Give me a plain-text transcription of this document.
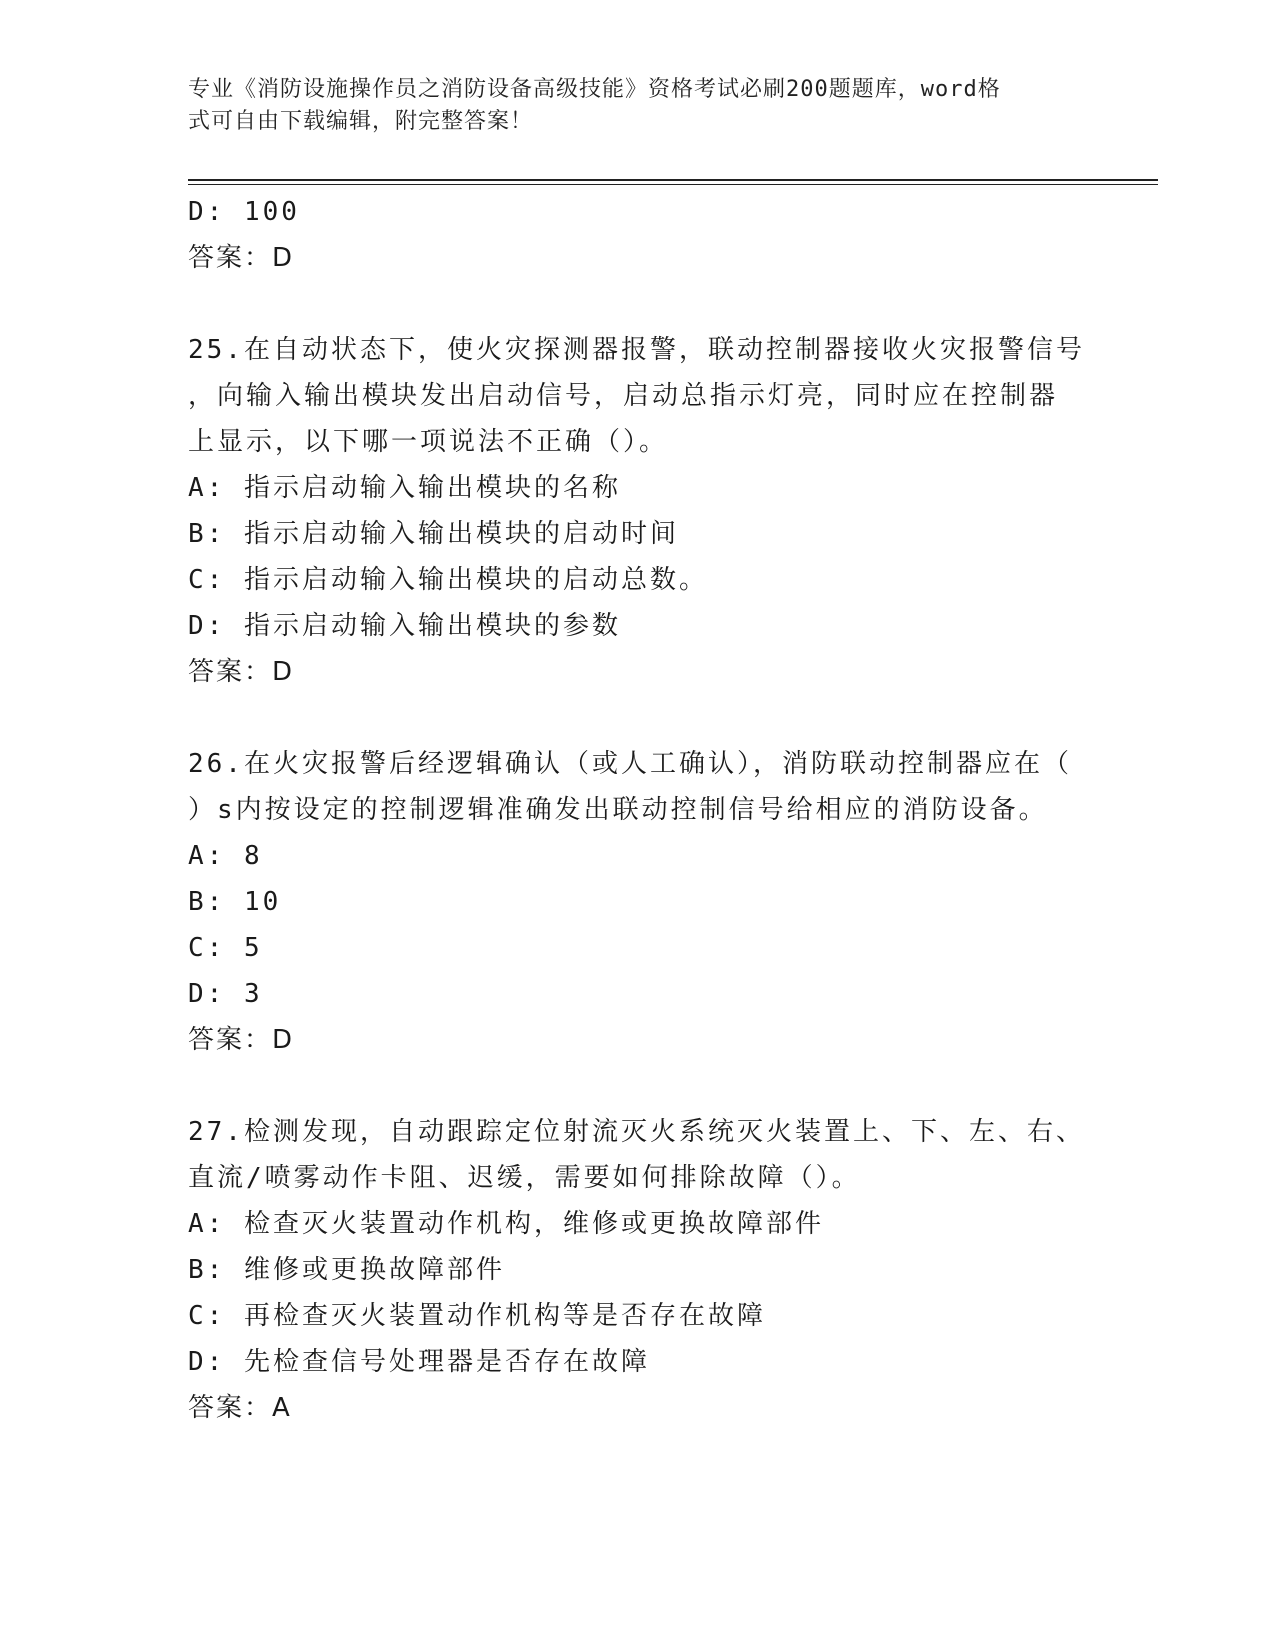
专业《消防设施操作员之消防设备高级技能》资格考试必刷200题题库，word格
式可自由下载编辑，附完整答案！

D: 100

答案：D

25.在自动状态下，使火灾探测器报警，联动控制器接收火灾报警信号

，向输入输出模块发出启动信号，启动总指示灯亮，同时应在控制器

上显示，以下哪一项说法不正确（）。

A: 指示启动输入输出模块的名称

B: 指示启动输入输出模块的启动时间

C: 指示启动输入输出模块的启动总数。

D: 指示启动输入输出模块的参数

答案：D

26.在火灾报警后经逻辑确认（或人工确认），消防联动控制器应在（

）s内按设定的控制逻辑准确发出联动控制信号给相应的消防设备。

A: 8

B: 10

C: 5

D: 3

答案：D

27.检测发现，自动跟踪定位射流灭火系统灭火装置上、下、左、右、

直流/喷雾动作卡阻、迟缓，需要如何排除故障（）。

A: 检查灭火装置动作机构，维修或更换故障部件

B: 维修或更换故障部件

C: 再检查灭火装置动作机构等是否存在故障

D: 先检查信号处理器是否存在故障

答案：A
